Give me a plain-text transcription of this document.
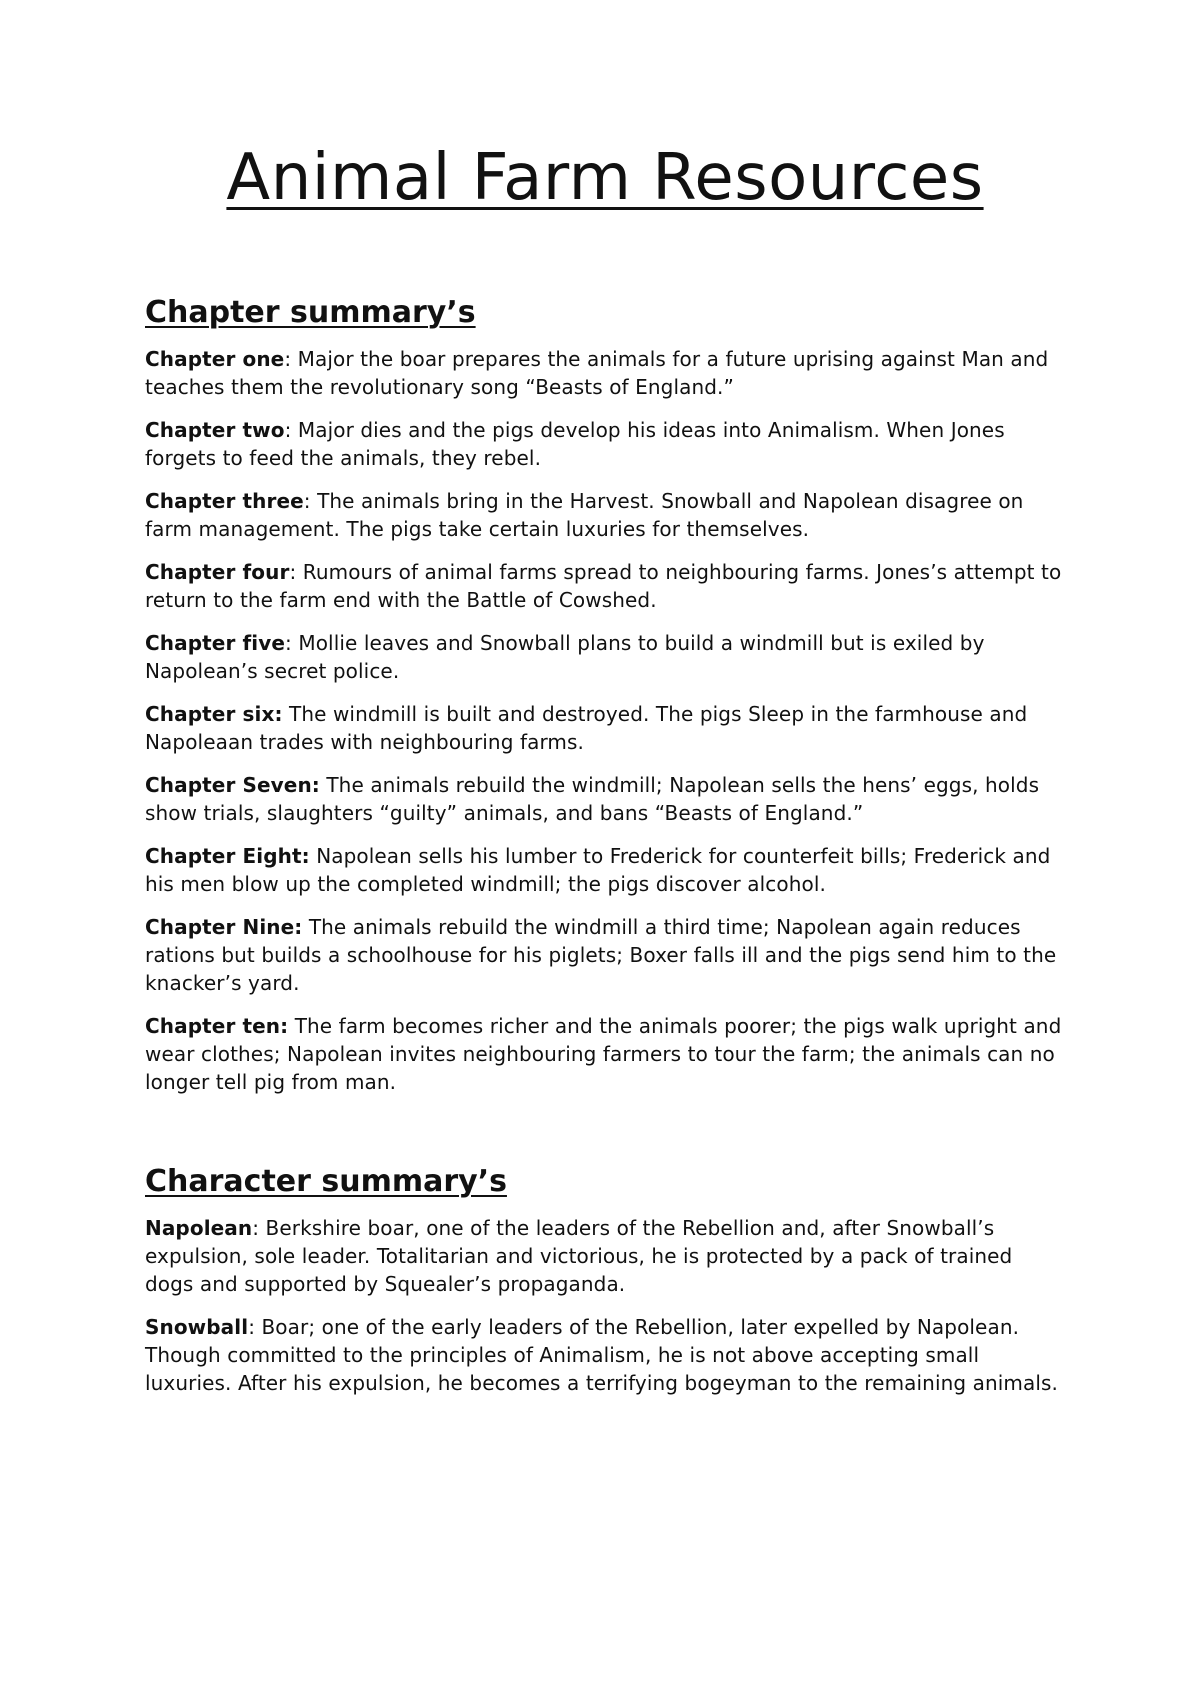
Animal Farm Resources
Chapter summary’s

Chapter one: Major the boar prepares the animals for a future uprising against Man and teaches them the revolutionary song “Beasts of England.”

Chapter two: Major dies and the pigs develop his ideas into Animalism. When Jones forgets to feed the animals, they rebel.

Chapter three: The animals bring in the Harvest. Snowball and Napolean disagree on farm management. The pigs take certain luxuries for themselves.

Chapter four: Rumours of animal farms spread to neighbouring farms. Jones’s attempt to return to the farm end with the Battle of Cowshed.

Chapter five: Mollie leaves and Snowball plans to build a windmill but is exiled by Napolean’s secret police.

Chapter six: The windmill is built and destroyed. The pigs Sleep in the farmhouse and Napoleaan trades with neighbouring farms.

Chapter Seven: The animals rebuild the windmill; Napolean sells the hens’ eggs, holds show trials, slaughters “guilty” animals, and bans “Beasts of England.”

Chapter Eight: Napolean sells his lumber to Frederick for counterfeit bills; Frederick and his men blow up the completed windmill; the pigs discover alcohol.

Chapter Nine: The animals rebuild the windmill a third time; Napolean again reduces rations but builds a schoolhouse for his piglets; Boxer falls ill and the pigs send him to the knacker’s yard.

Chapter ten: The farm becomes richer and the animals poorer; the pigs walk upright and wear clothes; Napolean invites neighbouring farmers to tour the farm; the animals can no longer tell pig from man.

Character summary’s

Napolean: Berkshire boar, one of the leaders of the Rebellion and, after Snowball’s expulsion, sole leader. Totalitarian and victorious, he is protected by a pack of trained dogs and supported by Squealer’s propaganda.

Snowball: Boar; one of the early leaders of the Rebellion, later expelled by Napolean. Though committed to the principles of Animalism, he is not above accepting small luxuries. After his expulsion, he becomes a terrifying bogeyman to the remaining animals.
